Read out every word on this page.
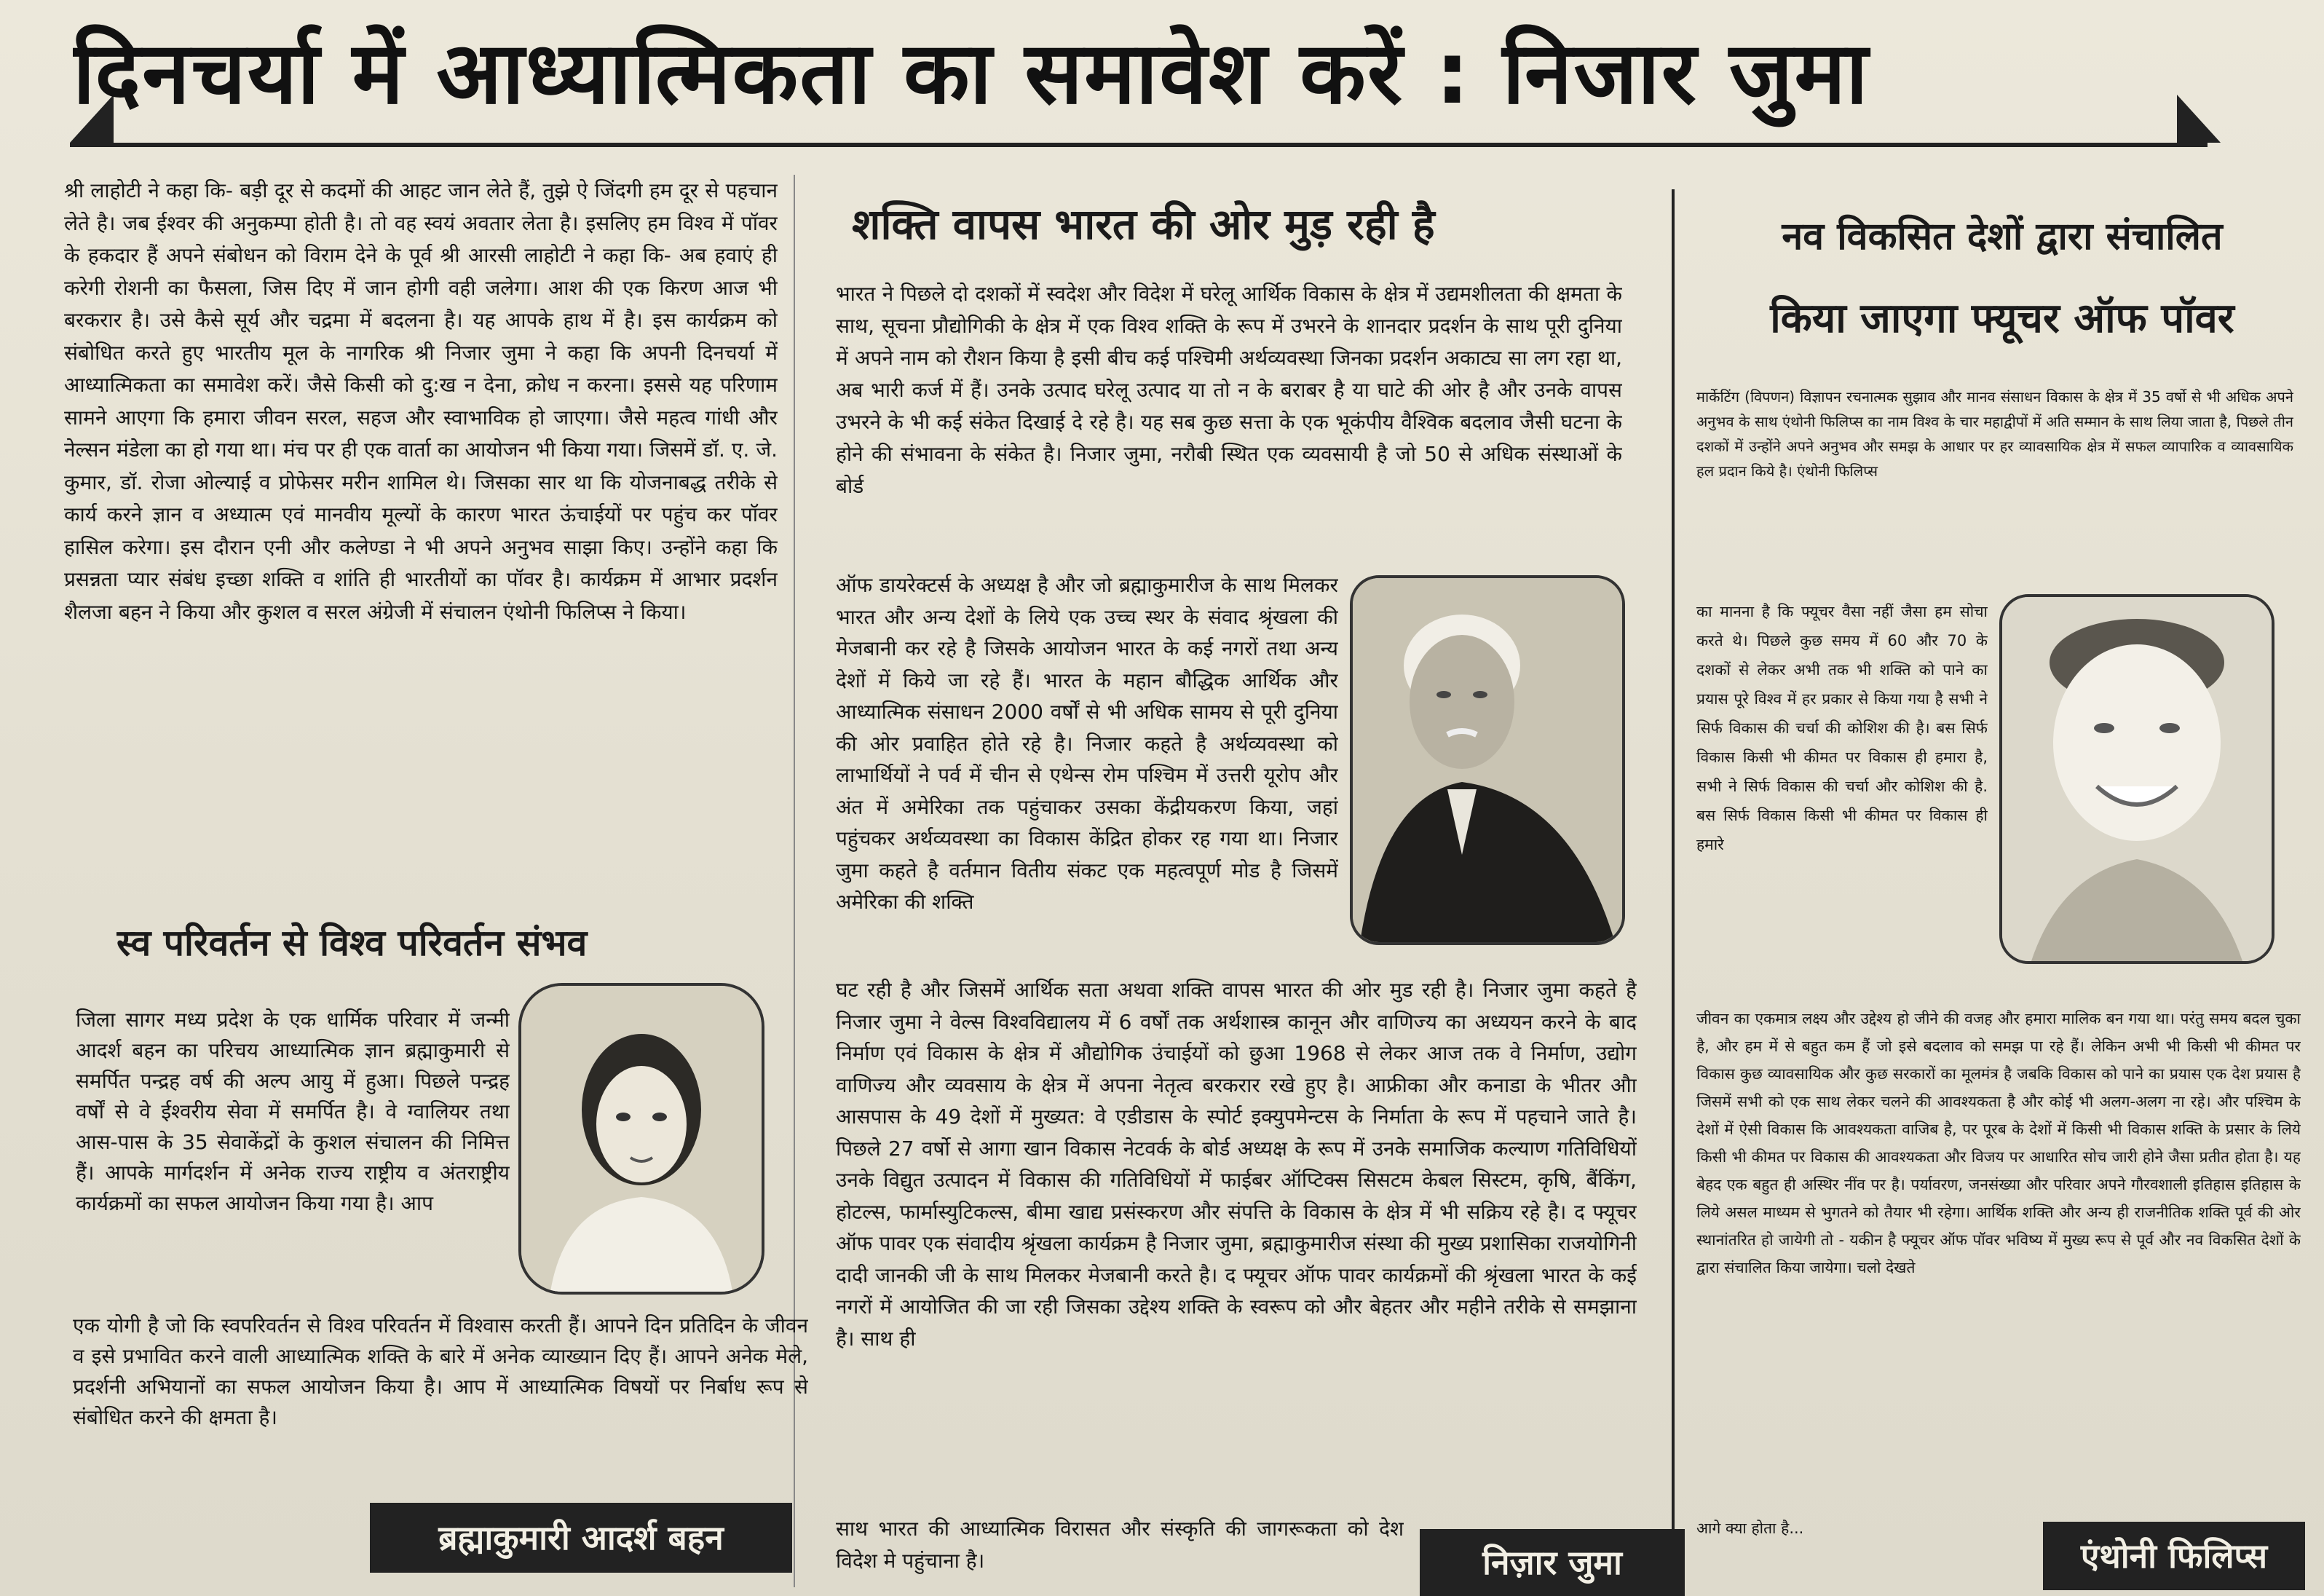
दिनचर्या में आध्यात्मिकता का समावेश करें : निजार जुमा
श्री लाहोटी ने कहा कि- बड़ी दूर से कदमों की आहट जान लेते हैं, तुझे ऐ जिंदगी हम दूर से पहचान लेते है। जब ईश्वर की अनुकम्पा होती है। तो वह स्वयं अवतार लेता है। इसलिए हम विश्व में पॉवर के हकदार हैं अपने संबोधन को विराम देने के पूर्व श्री आरसी लाहोटी ने कहा कि- अब हवाएं ही करेगी रोशनी का फैसला, जिस दिए में जान होगी वही जलेगा। आश की एक किरण आज भी बरकरार है। उसे कैसे सूर्य और चद्रमा में बदलना है। यह आपके हाथ में है। इस कार्यक्रम को संबोधित करते हुए भारतीय मूल के नागरिक श्री निजार जुमा ने कहा कि अपनी दिनचर्या में आध्यात्मिकता का समावेश करें। जैसे किसी को दु:ख न देना, क्रोध न करना। इससे यह परिणाम सामने आएगा कि हमारा जीवन सरल, सहज और स्वाभाविक हो जाएगा। जैसे महत्व गांधी और नेल्सन मंडेला का हो गया था। मंच पर ही एक वार्ता का आयोजन भी किया गया। जिसमें डॉ. ए. जे. कुमार, डॉ. रोजा ओल्याई व प्रोफेसर मरीन शामिल थे। जिसका सार था कि योजनाबद्ध तरीके से कार्य करने ज्ञान व अध्यात्म एवं मानवीय मूल्यों के कारण भारत ऊंचाईयों पर पहुंच कर पॉवर हासिल करेगा। इस दौरान एनी और कलेण्डा ने भी अपने अनुभव साझा किए। उन्होंने कहा कि प्रसन्नता प्यार संबंध इच्छा शक्ति व शांति ही भारतीयों का पॉवर है। कार्यक्रम में आभार प्रदर्शन शैलजा बहन ने किया और कुशल व सरल अंग्रेजी में संचालन एंथोनी फिलिप्स ने किया।
स्व परिवर्तन से विश्व परिवर्तन संभव
जिला सागर मध्य प्रदेश के एक धार्मिक परिवार में जन्मी आदर्श बहन का परिचय आध्यात्मिक ज्ञान ब्रह्माकुमारी से समर्पित पन्द्रह वर्ष की अल्प आयु में हुआ। पिछले पन्द्रह वर्षों से वे ईश्वरीय सेवा में समर्पित है। वे ग्वालियर तथा आस-पास के 35 सेवाकेंद्रों के कुशल संचालन की निमित्त हैं। आपके मार्गदर्शन में अनेक राज्य राष्ट्रीय व अंतराष्ट्रीय कार्यक्रमों का सफल आयोजन किया गया है। आप
एक योगी है जो कि स्वपरिवर्तन से विश्व परिवर्तन में विश्वास करती हैं। आपने दिन प्रतिदिन के जीवन व इसे प्रभावित करने वाली आध्यात्मिक शक्ति के बारे में अनेक व्याख्यान दिए हैं। आपने अनेक मेले, प्रदर्शनी अभियानों का सफल आयोजन किया है। आप में आध्यात्मिक विषयों पर निर्बाध रूप से संबोधित करने की क्षमता है।
ब्रह्माकुमारी आदर्श बहन
शक्ति वापस भारत की ओर मुड़ रही है
भारत ने पिछले दो दशकों में स्वदेश और विदेश में घरेलू आर्थिक विकास के क्षेत्र में उद्यमशीलता की क्षमता के साथ, सूचना प्रौद्योगिकी के क्षेत्र में एक विश्व शक्ति के रूप में उभरने के शानदार प्रदर्शन के साथ पूरी दुनिया में अपने नाम को रौशन किया है इसी बीच कई पश्चिमी अर्थव्यवस्था जिनका प्रदर्शन अकाट्य सा लग रहा था, अब भारी कर्ज में हैं। उनके उत्पाद घरेलू उत्पाद या तो न के बराबर है या घाटे की ओर है और उनके वापस उभरने के भी कई संकेत दिखाई दे रहे है। यह सब कुछ सत्ता के एक भूकंपीय वैश्विक बदलाव जैसी घटना के होने की संभावना के संकेत है। निजार जुमा, नरौबी स्थित एक व्यवसायी है जो 50 से अधिक संस्थाओं के बोर्ड
ऑफ डायरेक्टर्स के अध्यक्ष है और जो ब्रह्माकुमारीज के साथ मिलकर भारत और अन्य देशों के लिये एक उच्च स्थर के संवाद श्रृंखला की मेजबानी कर रहे है जिसके आयोजन भारत के कई नगरों तथा अन्य देशों में किये जा रहे हैं। भारत के महान बौद्धिक आर्थिक और आध्यात्मिक संसाधन 2000 वर्षों से भी अधिक सामय से पूरी दुनिया की ओर प्रवाहित होते रहे है। निजार कहते है अर्थव्यवस्था को लाभार्थियों ने पर्व में चीन से एथेन्स रोम पश्चिम में उत्तरी यूरोप और अंत में अमेरिका तक पहुंचाकर उसका केंद्रीयकरण किया, जहां पहुंचकर अर्थव्यवस्था का विकास केंद्रित होकर रह गया था। निजार जुमा कहते है वर्तमान वितीय संकट एक महत्वपूर्ण मोड है जिसमें अमेरिका की शक्ति
घट रही है और जिसमें आर्थिक सता अथवा शक्ति वापस भारत की ओर मुड रही है। निजार जुमा कहते है निजार जुमा ने वेल्स विश्वविद्यालय में 6 वर्षों तक अर्थशास्त्र कानून और वाणिज्य का अध्ययन करने के बाद निर्माण एवं विकास के क्षेत्र में औद्योगिक उंचाईयों को छुआ 1968 से लेकर आज तक वे निर्माण, उद्योग वाणिज्य और व्यवसाय के क्षेत्र में अपना नेतृत्व बरकरार रखे हुए है। आफ्रीका और कनाडा के भीतर औा आसपास के 49 देशों में मुख्यत: वे एडीडास के स्पोर्ट इक्युपमेन्टस के निर्माता के रूप में पहचाने जाते है। पिछले 27 वर्षो से आगा खान विकास नेटवर्क के बोर्ड अध्यक्ष के रूप में उनके समाजिक कल्याण गतिविधियों उनके विद्युत उत्पादन में विकास की गतिविधियों में फाईबर ऑप्टिक्स सिसटम केबल सिस्टम, कृषि, बैंकिंग, होटल्स, फार्मास्युटिकल्स, बीमा खाद्य प्रसंस्करण और संपत्ति के विकास के क्षेत्र में भी सक्रिय रहे है। द फ्यूचर ऑफ पावर एक संवादीय श्रृंखला कार्यक्रम है निजार जुमा, ब्रह्माकुमारीज संस्था की मुख्य प्रशासिका राजयोगिनी दादी जानकी जी के साथ मिलकर मेजबानी करते है। द फ्यूचर ऑफ पावर कार्यक्रमों की श्रृंखला भारत के कई नगरों में आयोजित की जा रही जिसका उद्देश्य शक्ति के स्वरूप को और बेहतर और महीने तरीके से समझाना है। साथ ही
साथ भारत की आध्यात्मिक विरासत और संस्कृति की जागरूकता को देश विदेश मे पहुंचाना है।	निज़ार जुमा
नव विकसित देशों द्वारा संचालित
किया जाएगा फ्यूचर ऑफ पॉवर
मार्केटिंग (विपणन) विज्ञापन रचनात्मक सुझाव और मानव संसाधन विकास के क्षेत्र में 35 वर्षो से भी अधिक अपने अनुभव के साथ एंथोनी फिलिप्स का नाम विश्व के चार महाद्वीपों में अति सम्मान के साथ लिया जाता है, पिछले तीन दशकों में उन्होंने अपने अनुभव और समझ के आधार पर हर व्यावसायिक क्षेत्र में सफल व्यापारिक व व्यावसायिक हल प्रदान किये है। एंथोनी फिलिप्स
का मानना है कि फ्यूचर वैसा नहीं जैसा हम सोचा करते थे। पिछले कुछ समय में 60 और 70 के दशकों से लेकर अभी तक भी शक्ति को पाने का प्रयास पूरे विश्व में हर प्रकार से किया गया है सभी ने सिर्फ विकास की चर्चा की कोशिश की है। बस सिर्फ विकास किसी भी कीमत पर विकास ही हमारा है, सभी ने सिर्फ विकास की चर्चा और कोशिश की है. बस सिर्फ विकास किसी भी कीमत पर विकास ही हमारे
जीवन का एकमात्र लक्ष्य और उद्देश्य हो जीने की वजह और हमारा मालिक बन गया था। परंतु समय बदल चुका है, और हम में से बहुत कम हैं जो इसे बदलाव को समझ पा रहे हैं। लेकिन अभी भी किसी भी कीमत पर विकास कुछ व्यावसायिक और कुछ सरकारों का मूलमंत्र है जबकि विकास को पाने का प्रयास एक देश प्रयास है जिसमें सभी को एक साथ लेकर चलने की आवश्यकता है और कोई भी अलग-अलग ना रहे। और पश्चिम के देशों में ऐसी विकास कि आवश्यकता वाजिब है, पर पूरब के देशों में किसी भी विकास शक्ति के प्रसार के लिये किसी भी कीमत पर विकास की आवश्यकता और विजय पर आधारित सोच जारी होने जैसा प्रतीत होता है। यह बेहद एक बहुत ही अस्थिर नींव पर है। पर्यावरण, जनसंख्या और परिवार अपने गौरवशाली इतिहास इतिहास के लिये असल माध्यम से भुगतने को तैयार भी रहेगा। आर्थिक शक्ति और अन्य ही राजनीतिक शक्ति पूर्व की ओर स्थानांतरित हो जायेगी तो - यकीन है फ्यूचर ऑफ पॉवर भविष्य में मुख्य रूप से पूर्व और नव विकसित देशों के द्वारा संचालित किया जायेगा। चलो देखते
आगे क्या होता है...
एंथोनी फिलिप्स
